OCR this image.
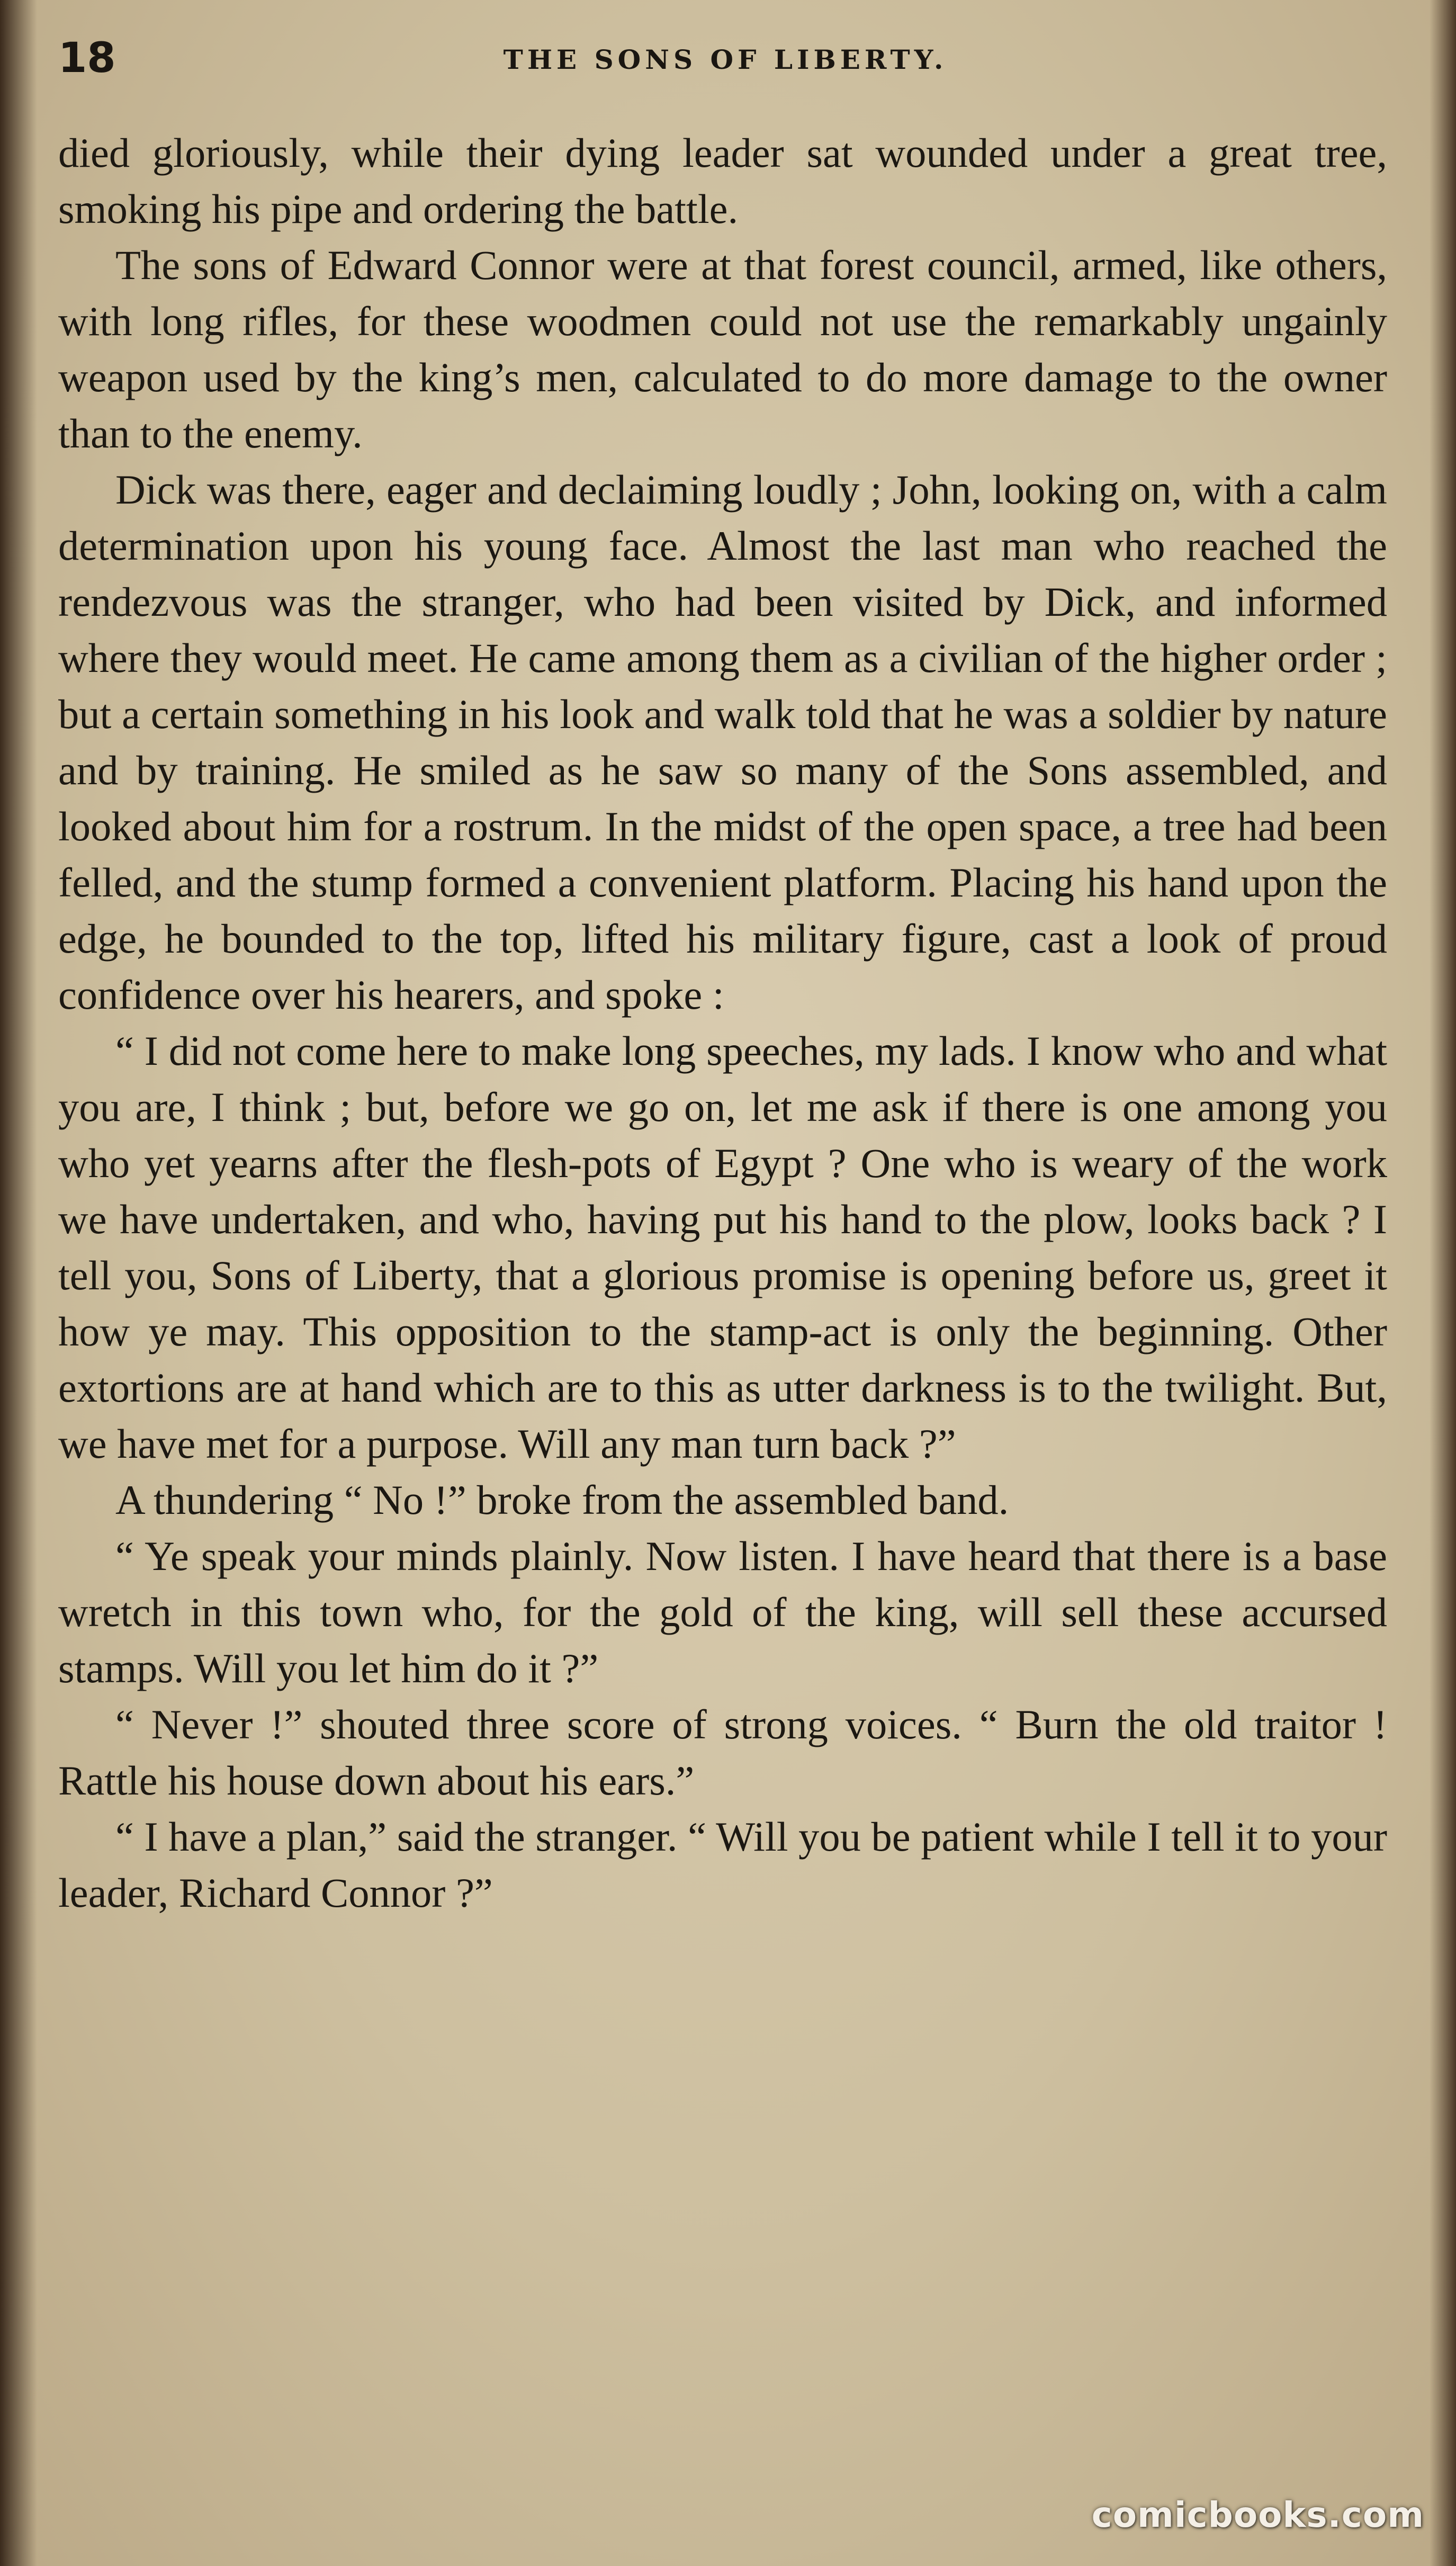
18	THE SONS OF LIBERTY.

died gloriously, while their dying leader sat wounded under a great tree, smoking his pipe and ordering the battle.

The sons of Edward Connor were at that forest council, armed, like others, with long rifles, for these woodmen could not use the remarkably ungainly weapon used by the king’s men, calculated to do more damage to the owner than to the enemy.

Dick was there, eager and declaiming loudly ; John, looking on, with a calm determination upon his young face. Almost the last man who reached the rendezvous was the stranger, who had been visited by Dick, and informed where they would meet. He came among them as a civilian of the higher order ; but a certain something in his look and walk told that he was a soldier by nature and by training. He smiled as he saw so many of the Sons assembled, and looked about him for a rostrum. In the midst of the open space, a tree had been felled, and the stump formed a convenient platform. Placing his hand upon the edge, he bounded to the top, lifted his military figure, cast a look of proud confidence over his hearers, and spoke :

“ I did not come here to make long speeches, my lads. I know who and what you are, I think ; but, before we go on, let me ask if there is one among you who yet yearns after the flesh-pots of Egypt ? One who is weary of the work we have undertaken, and who, having put his hand to the plow, looks back ? I tell you, Sons of Liberty, that a glorious promise is opening before us, greet it how ye may. This opposition to the stamp-act is only the beginning. Other extortions are at hand which are to this as utter darkness is to the twilight. But, we have met for a purpose. Will any man turn back ?”

A thundering “ No !” broke from the assembled band.

“ Ye speak your minds plainly. Now listen. I have heard that there is a base wretch in this town who, for the gold of the king, will sell these accursed stamps. Will you let him do it ?”

“ Never !” shouted three score of strong voices. “ Burn the old traitor ! Rattle his house down about his ears.”

“ I have a plan,” said the stranger. “ Will you be patient while I tell it to your leader, Richard Connor ?”

comicbooks.com
